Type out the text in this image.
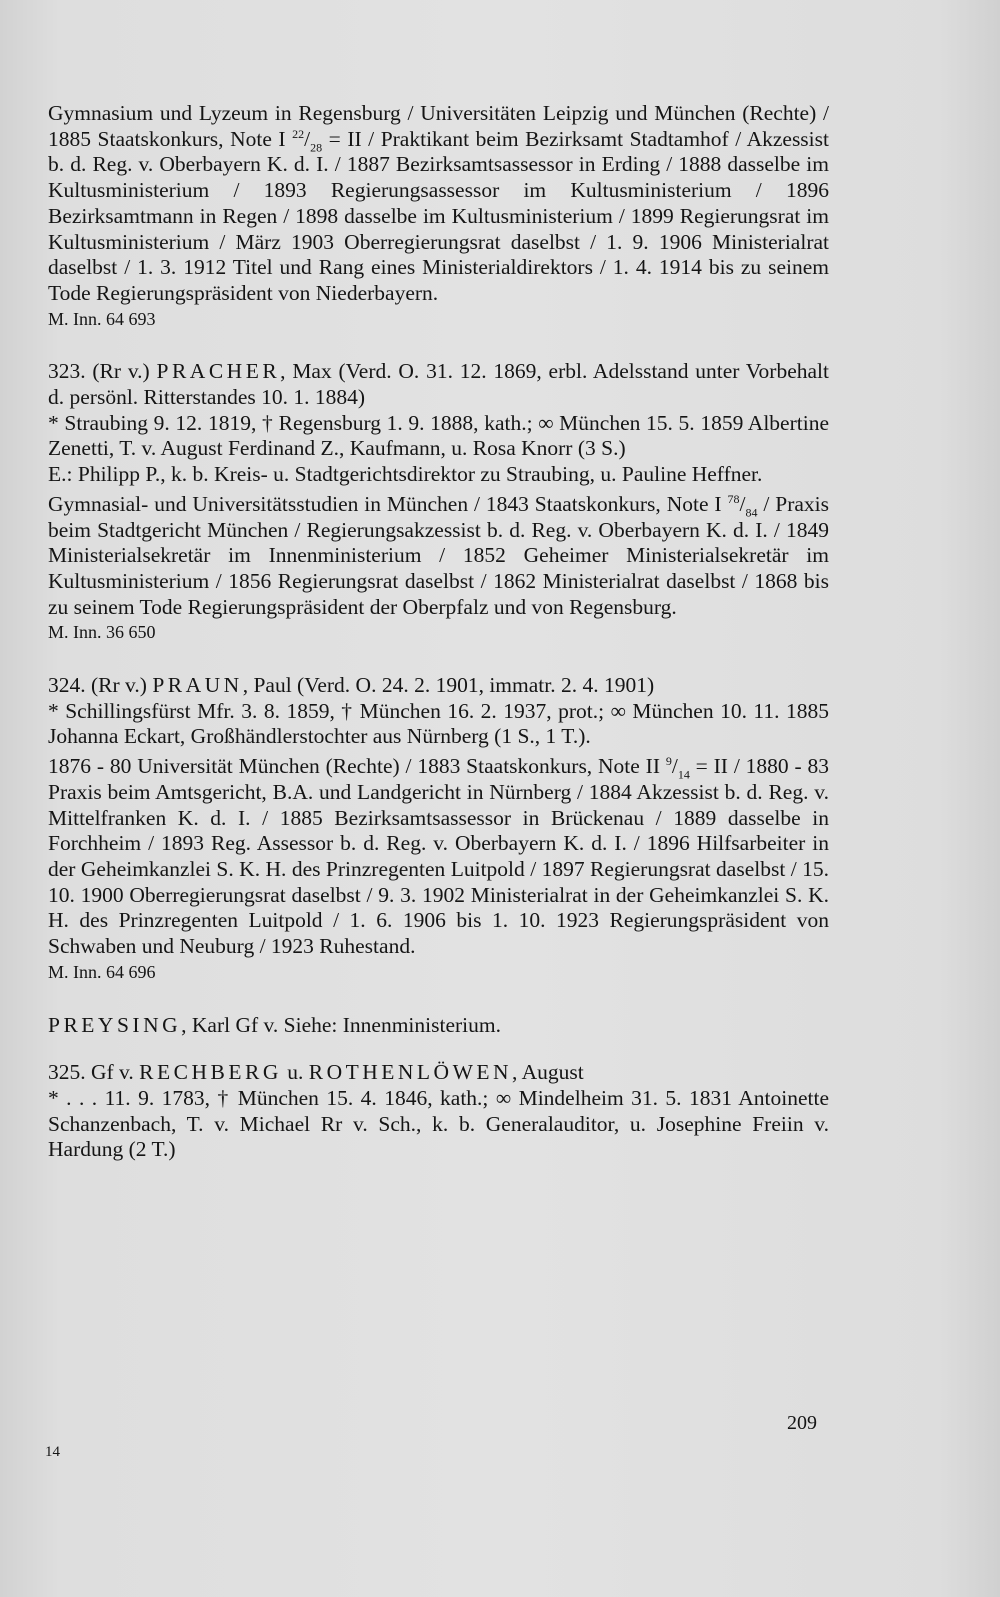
Gymnasium und Lyzeum in Regensburg / Universitäten Leipzig und München (Rechte) / 1885 Staatskonkurs, Note I $^{22}/_{28}$ = II / Praktikant beim Bezirksamt Stadtamhof / Akzessist b. d. Reg. v. Oberbayern K. d. I. / 1887 Bezirksamtsassessor in Erding / 1888 dasselbe im Kultusministerium / 1893 Regierungsassessor im Kultusministerium / 1896 Bezirksamtmann in Regen / 1898 dasselbe im Kultusministerium / 1899 Regierungsrat im Kultusministerium / März 1903 Oberregierungsrat daselbst / 1. 9. 1906 Ministerialrat daselbst / 1. 3. 1912 Titel und Rang eines Ministerialdirektors / 1. 4. 1914 bis zu seinem Tode Regierungspräsident von Niederbayern.

M. Inn. 64 693

323. (Rr v.) PRACHER, Max (Verd. O. 31. 12. 1869, erbl. Adelsstand unter Vorbehalt d. persönl. Ritterstandes 10. 1. 1884)

* Straubing 9. 12. 1819, † Regensburg 1. 9. 1888, kath.; ∞ München 15. 5. 1859 Albertine Zenetti, T. v. August Ferdinand Z., Kaufmann, u. Rosa Knorr (3 S.)

E.: Philipp P., k. b. Kreis- u. Stadtgerichtsdirektor zu Straubing, u. Pauline Heffner.

Gymnasial- und Universitätsstudien in München / 1843 Staatskonkurs, Note I $^{78}/_{84}$ / Praxis beim Stadtgericht München / Regierungsakzessist b. d. Reg. v. Oberbayern K. d. I. / 1849 Ministerialsekretär im Innenministerium / 1852 Geheimer Ministerialsekretär im Kultusministerium / 1856 Regierungsrat daselbst / 1862 Ministerialrat daselbst / 1868 bis zu seinem Tode Regierungspräsident der Oberpfalz und von Regensburg.

M. Inn. 36 650

324. (Rr v.) PRAUN, Paul (Verd. O. 24. 2. 1901, immatr. 2. 4. 1901)

* Schillingsfürst Mfr. 3. 8. 1859, † München 16. 2. 1937, prot.; ∞ München 10. 11. 1885 Johanna Eckart, Großhändlerstochter aus Nürnberg (1 S., 1 T.).

1876 - 80 Universität München (Rechte) / 1883 Staatskonkurs, Note II $^9/_{14}$ = II / 1880 - 83 Praxis beim Amtsgericht, B.A. und Landgericht in Nürnberg / 1884 Akzessist b. d. Reg. v. Mittelfranken K. d. I. / 1885 Bezirksamtsassessor in Brückenau / 1889 dasselbe in Forchheim / 1893 Reg. Assessor b. d. Reg. v. Oberbayern K. d. I. / 1896 Hilfsarbeiter in der Geheimkanzlei S. K. H. des Prinzregenten Luitpold / 1897 Regierungsrat daselbst / 15. 10. 1900 Oberregierungsrat daselbst / 9. 3. 1902 Ministerialrat in der Geheimkanzlei S. K. H. des Prinzregenten Luitpold / 1. 6. 1906 bis 1. 10. 1923 Regierungspräsident von Schwaben und Neuburg / 1923 Ruhestand.

M. Inn. 64 696

PREYSING, Karl Gf v. Siehe: Innenministerium.

325. Gf v. RECHBERG u. ROTHENLÖWEN, August

* . . . 11. 9. 1783, † München 15. 4. 1846, kath.; ∞ Mindelheim 31. 5. 1831 Antoinette Schanzenbach, T. v. Michael Rr v. Sch., k. b. Generalauditor, u. Josephine Freiin v. Hardung (2 T.)

209
14
